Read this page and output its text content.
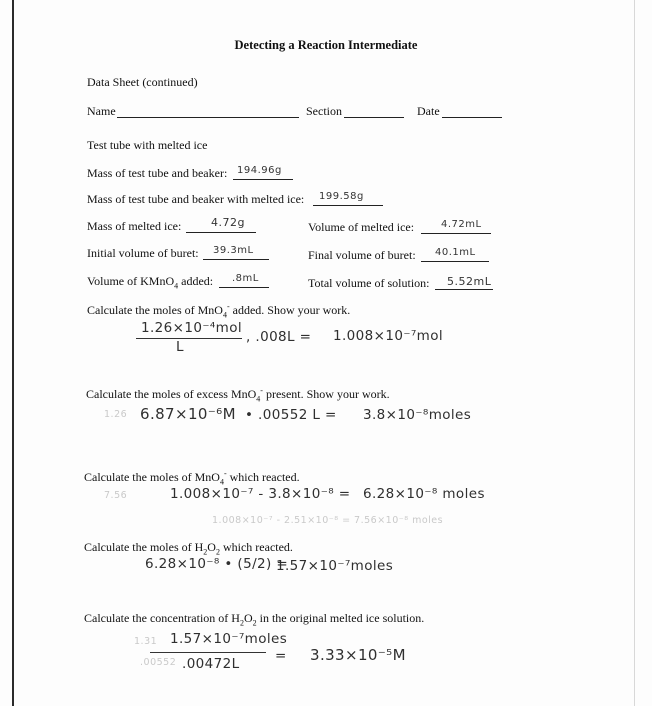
Detecting a Reaction Intermediate
Data Sheet (continued)
Name	Section	Date
Test tube with melted ice
Mass of test tube and beaker: 194.96g
Mass of test tube and beaker with melted ice: 199.58g
Mass of melted ice:	4.72g	Volume of melted ice:	4.72mL
Initial volume of buret: 39.3mL	Final volume of buret: 40.1mL
Volume of KMnO$_4$ added: .8mL	Total volume of solution: 5.52mL
Calculate the moles of MnO$_4$- added. Show your work.
1.26×10⁻⁴mol
L
, .008L = 1.008×10⁻⁷mol
Calculate the moles of excess MnO$_4$- present. Show your work.
1.26 6.87×10⁻⁶M • .00552 L = 3.8×10⁻⁸moles
Calculate the moles of MnO$_4$- which reacted.
7.56	1.008×10⁻⁷ - 3.8×10⁻⁸ = 6.28×10⁻⁸ moles
1.008×10⁻⁷ - 2.51×10⁻⁸ = 7.56×10⁻⁸ moles
Calculate the moles of $H_2O_2$ which reacted.
6.28×10⁻⁸ • (5/2) =
1.57×10⁻⁷moles
Calculate the concentration of $H_2O_2$ in the original melted ice solution.
1.31 1.57×10⁻⁷moles
.00552 .00472L	= 3.33×10⁻⁵M
